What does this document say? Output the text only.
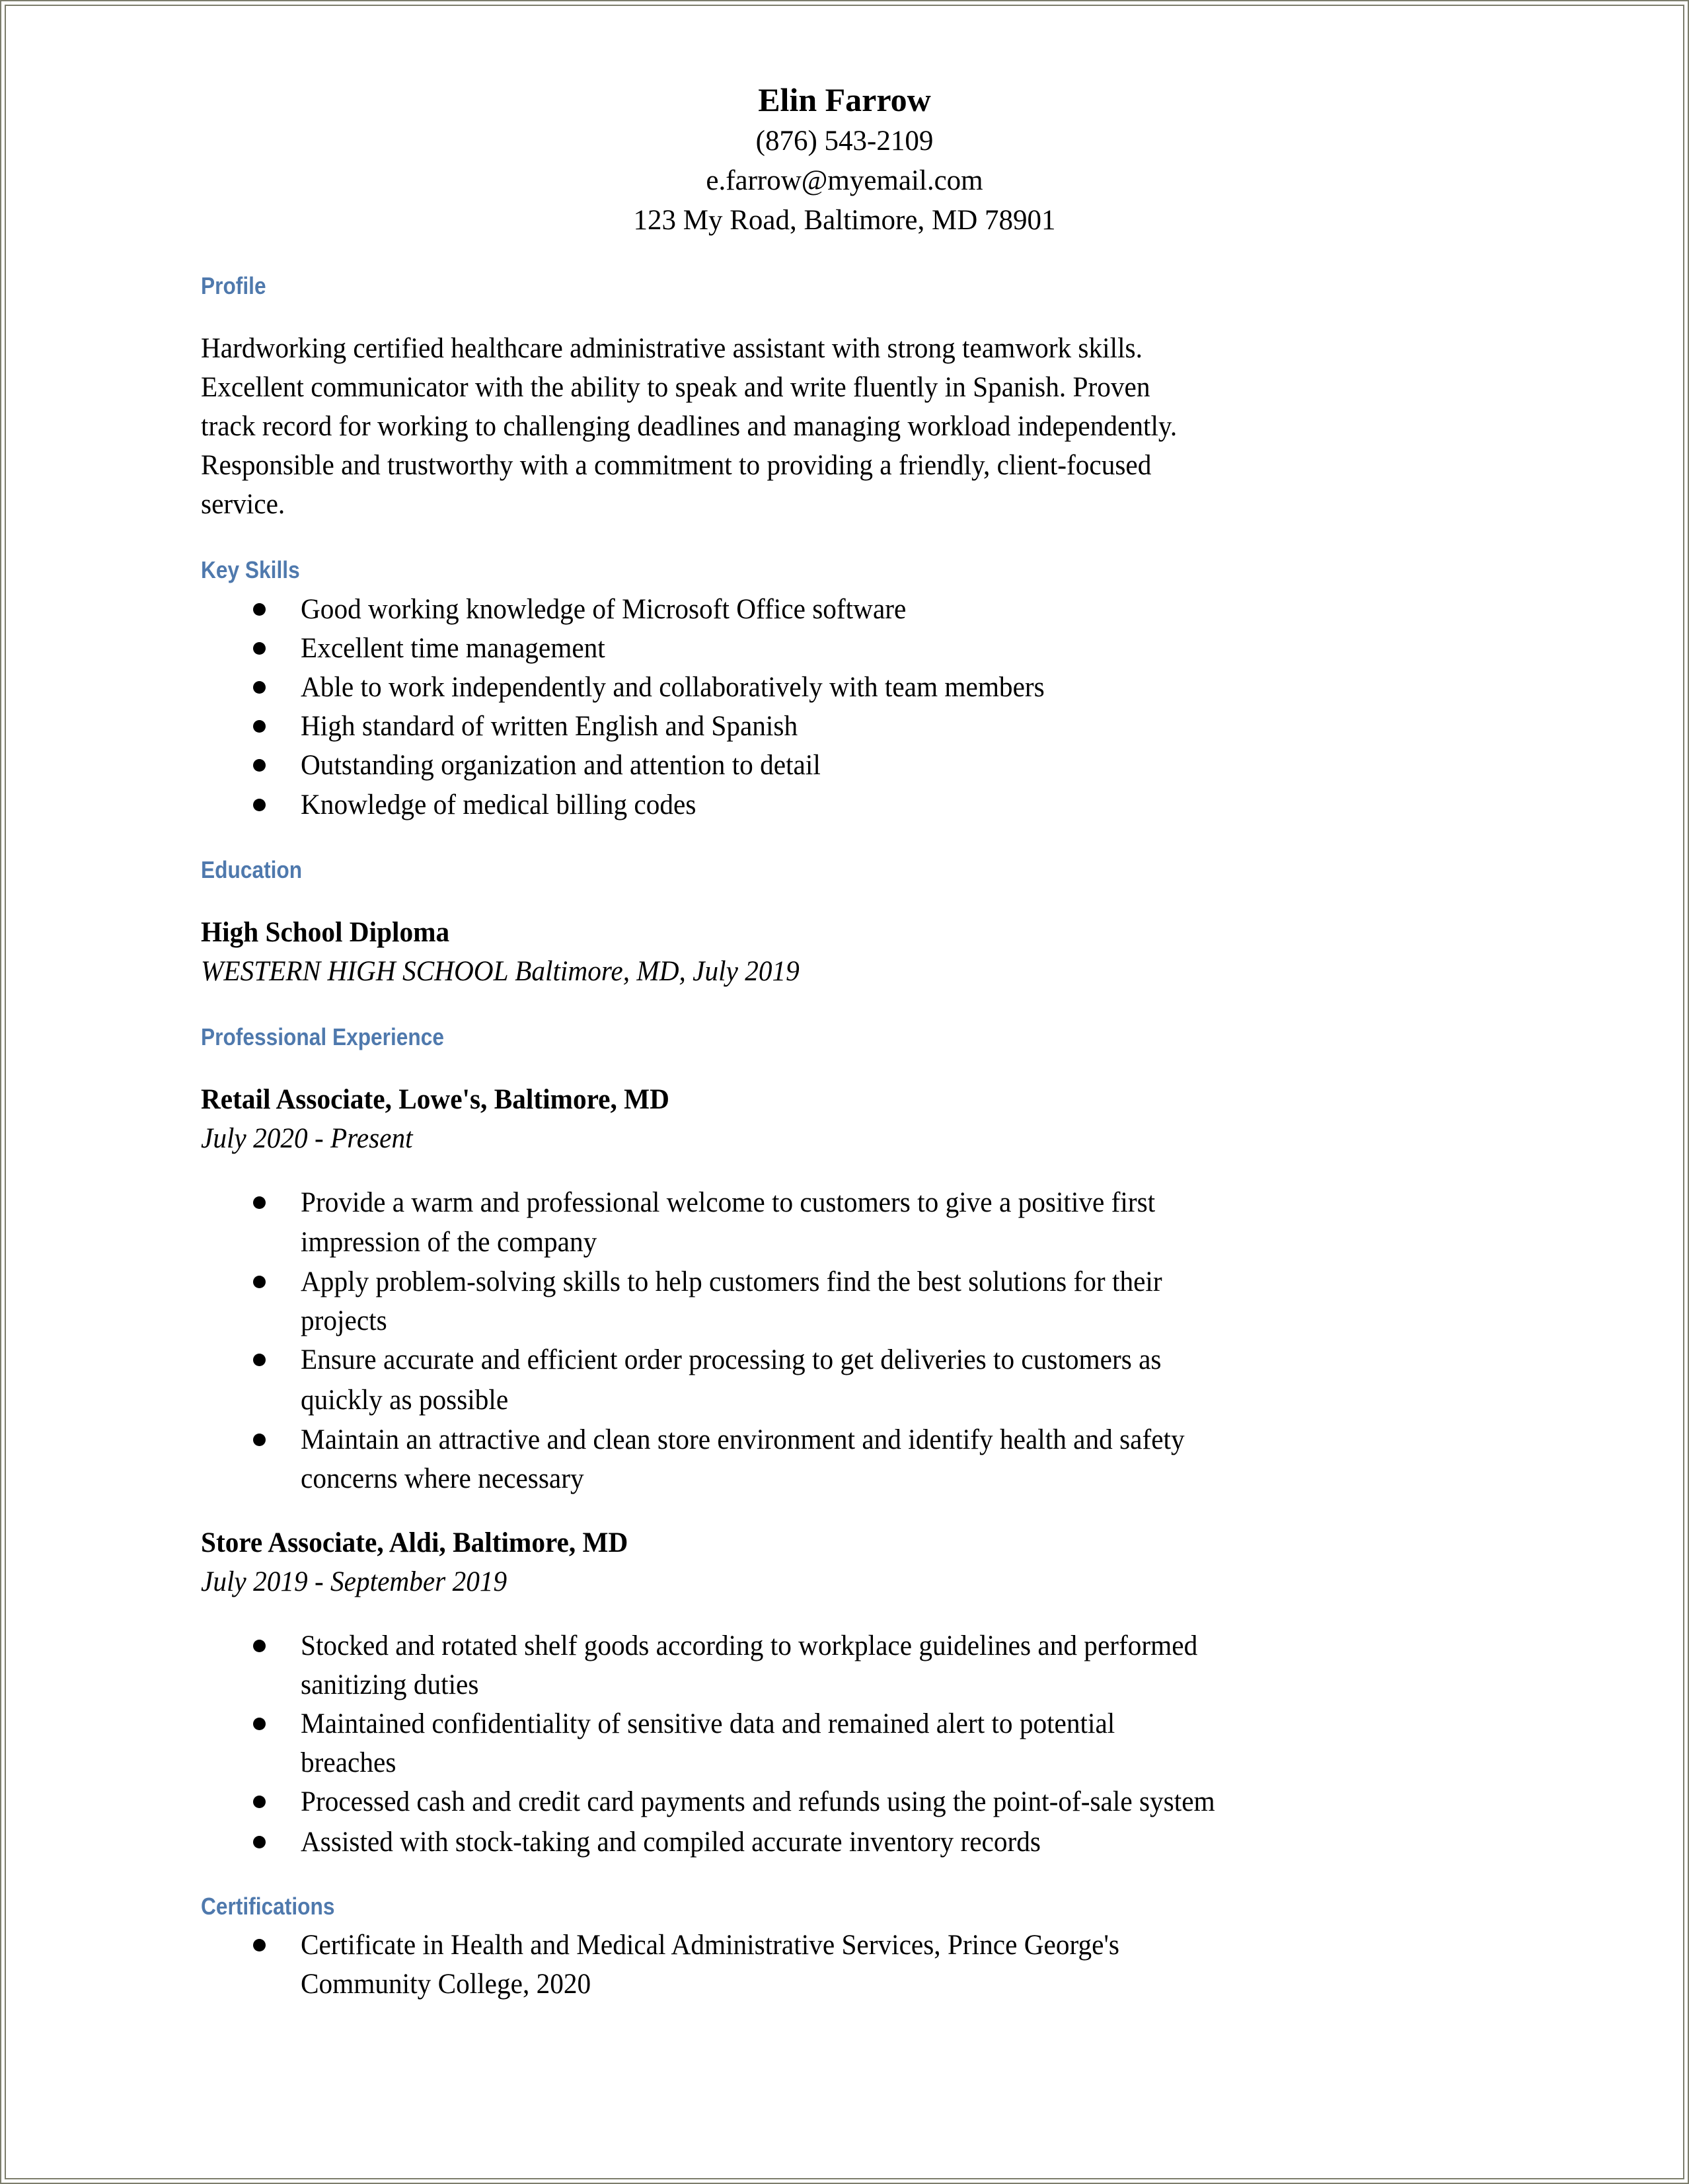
Elin Farrow
(876) 543-2109
e.farrow@myemail.com
123 My Road, Baltimore, MD 78901
Profile
Hardworking certified healthcare administrative assistant with strong teamwork skills.
Excellent communicator with the ability to speak and write fluently in Spanish. Proven
track record for working to challenging deadlines and managing workload independently.
Responsible and trustworthy with a commitment to providing a friendly, client-focused
service.
Key Skills
Good working knowledge of Microsoft Office software
Excellent time management
Able to work independently and collaboratively with team members
High standard of written English and Spanish
Outstanding organization and attention to detail
Knowledge of medical billing codes
Education
High School Diploma
WESTERN HIGH SCHOOL Baltimore, MD, July 2019
Professional Experience
Retail Associate, Lowe's, Baltimore, MD
July 2020 - Present
Provide a warm and professional welcome to customers to give a positive first
impression of the company
Apply problem-solving skills to help customers find the best solutions for their
projects
Ensure accurate and efficient order processing to get deliveries to customers as
quickly as possible
Maintain an attractive and clean store environment and identify health and safety
concerns where necessary
Store Associate, Aldi, Baltimore, MD
July 2019 - September 2019
Stocked and rotated shelf goods according to workplace guidelines and performed
sanitizing duties
Maintained confidentiality of sensitive data and remained alert to potential
breaches
Processed cash and credit card payments and refunds using the point-of-sale system
Assisted with stock-taking and compiled accurate inventory records
Certifications
Certificate in Health and Medical Administrative Services, Prince George's
Community College, 2020
